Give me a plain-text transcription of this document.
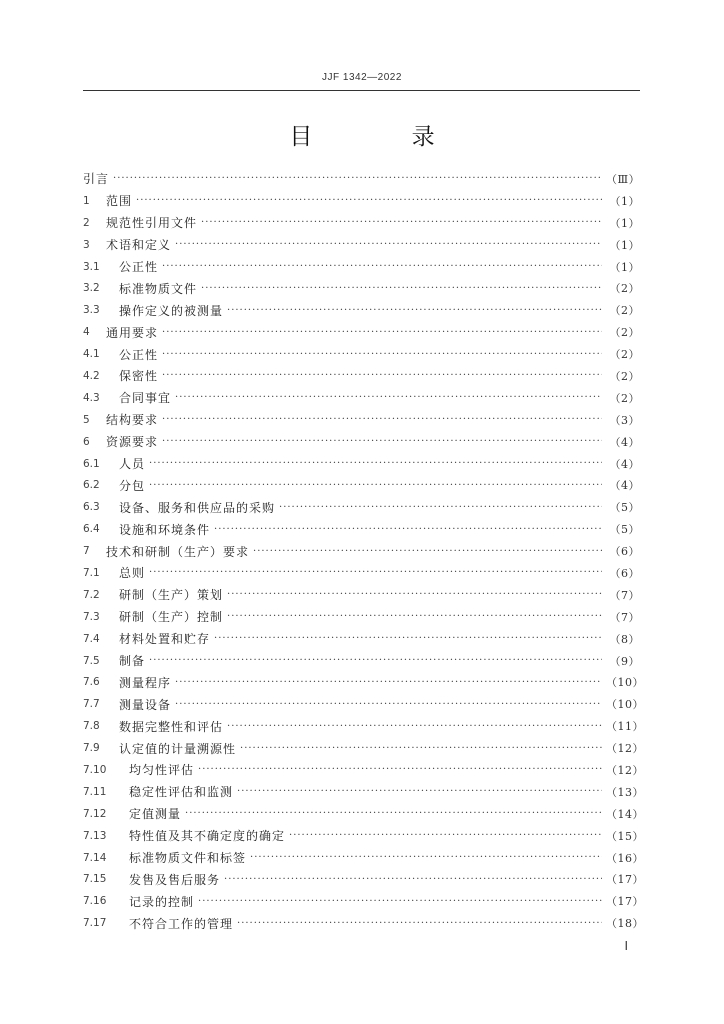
JJF 1342—2022
目 录
引言 ·····	（Ⅲ）
1	范围 ·····	（1）
2	规范性引用文件 ·····	（1）
3	术语和定义 ·····	（1）
3.1	公正性 ·····	（1）
3.2	标准物质文件 ·····	（2）
3.3	操作定义的被测量 ·····	（2）
4	通用要求 ·····	（2）
4.1	公正性 ·····	（2）
4.2	保密性 ·····	（2）
4.3	合同事宜 ·····	（2）
5	结构要求 ·····	（3）
6	资源要求 ·····	（4）
6.1	人员 ·····	（4）
6.2	分包 ·····	（4）
6.3	设备、服务和供应品的采购 ·····	（5）
6.4	设施和环境条件 ·····	（5）
7	技术和研制（生产）要求 ·····	（6）
7.1	总则 ·····	（6）
7.2	研制（生产）策划 ·····	（7）
7.3	研制（生产）控制 ·····	（7）
7.4	材料处置和贮存 ·····	（8）
7.5	制备 ·····	（9）
7.6	测量程序 ·····	（10）
7.7	测量设备 ·····	（10）
7.8	数据完整性和评估 ·····	（11）
7.9	认定值的计量溯源性 ·····	（12）
7.10	均匀性评估 ·····	（12）
7.11	稳定性评估和监测 ·····	（13）
7.12	定值测量 ·····	（14）
7.13	特性值及其不确定度的确定 ·····	（15）
7.14	标准物质文件和标签 ·····	（16）
7.15	发售及售后服务 ·····	（17）
7.16	记录的控制 ·····	（17）
7.17	不符合工作的管理 ·····	（18）
I
